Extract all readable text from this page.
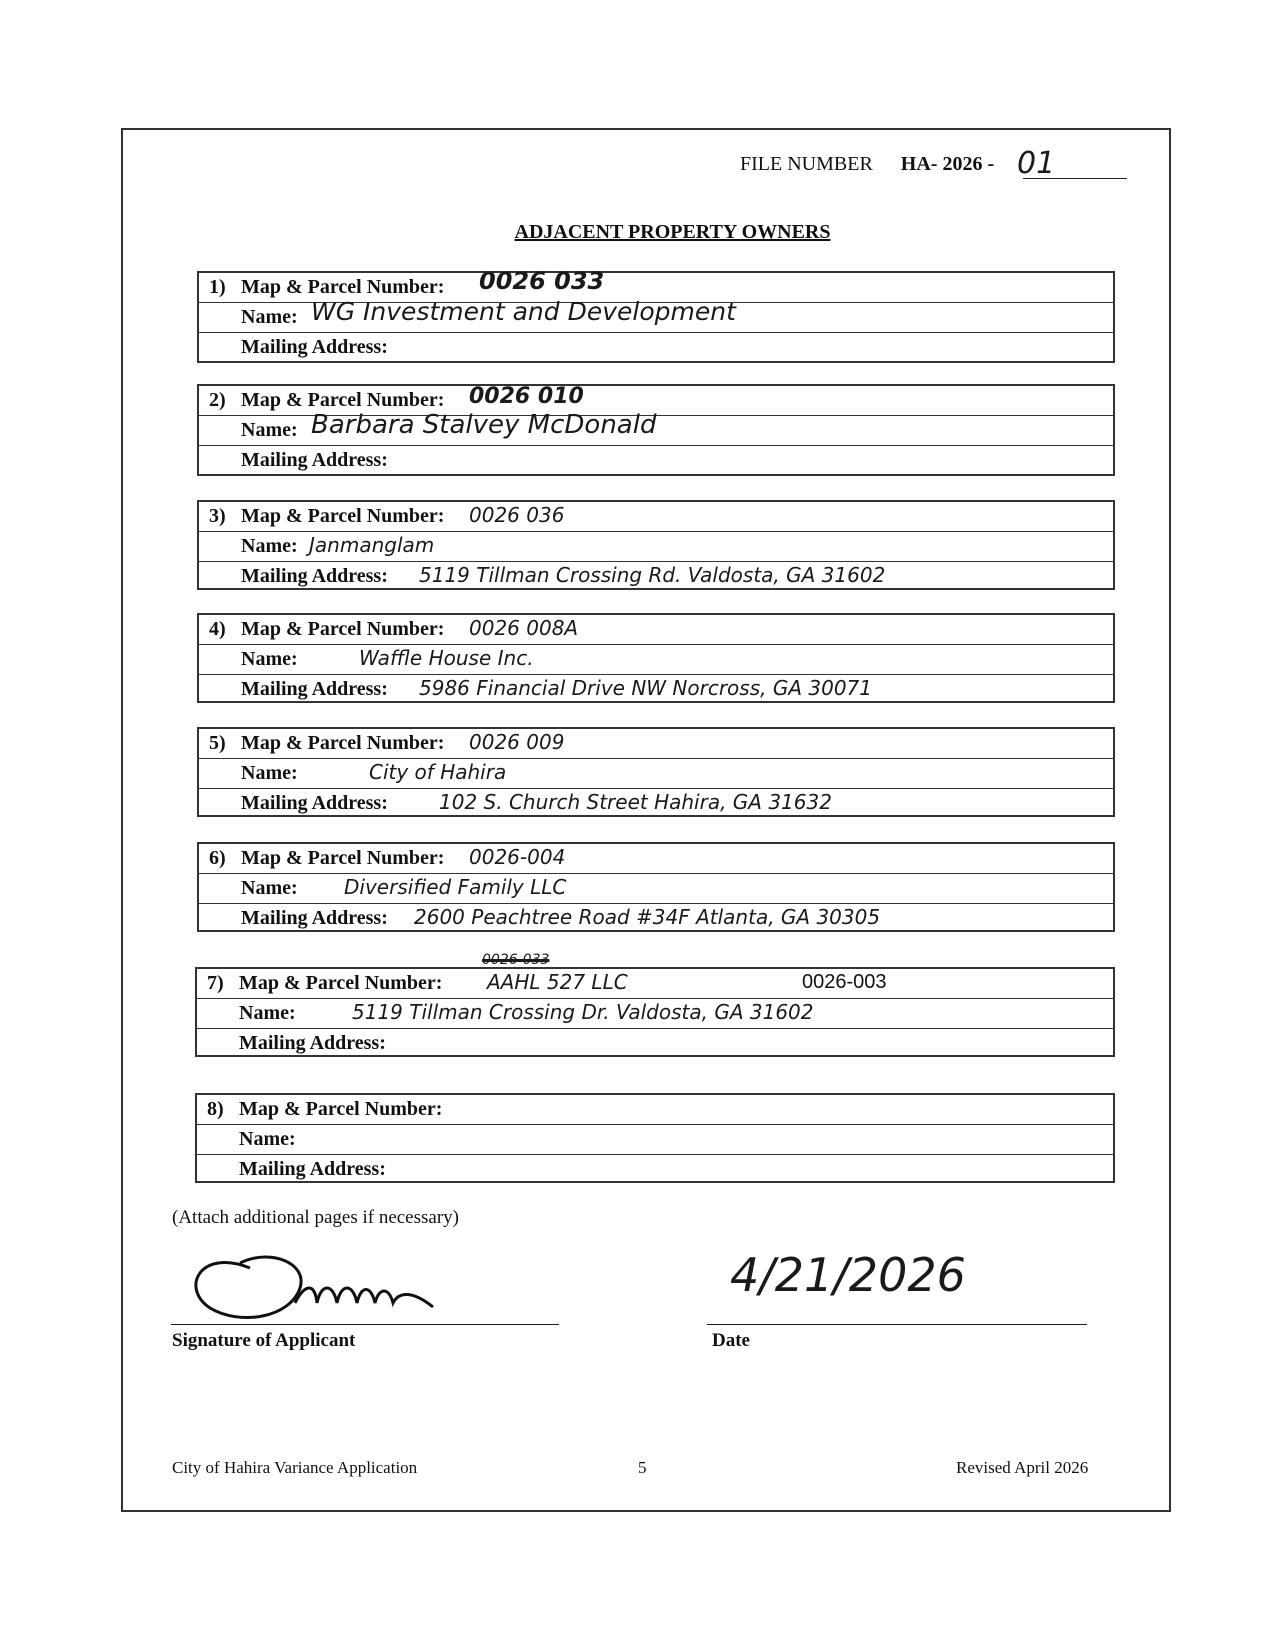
FILE NUMBER HA- 2026 - 01
ADJACENT PROPERTY OWNERS
1) Map & Parcel Number: 0026 033
Name: WG Investment and Development
Mailing Address:
2) Map & Parcel Number: 0026 010
Name: Barbara Stalvey McDonald
Mailing Address:
3) Map & Parcel Number: 0026 036
Name: Janmanglam
Mailing Address: 5119 Tillman Crossing Rd. Valdosta, GA 31602
4) Map & Parcel Number: 0026 008A
Name:	Waffle House Inc.
Mailing Address: 5986 Financial Drive NW Norcross, GA 30071
5) Map & Parcel Number: 0026 009
Name:	City of Hahira
Mailing Address:	102 S. Church Street Hahira, GA 31632
6) Map & Parcel Number: 0026-004
Name: Diversified Family LLC
Mailing Address: 2600 Peachtree Road #34F Atlanta, GA 30305
0026-033
7) Map & Parcel Number: AAHL 527 LLC	0026-003
Name:	5119 Tillman Crossing Dr. Valdosta, GA 31602
Mailing Address:
8) Map & Parcel Number:
Name:
Mailing Address:
(Attach additional pages if necessary)
Signature of Applicant
4/21/2026
Date
City of Hahira Variance Application	5	Revised April 2026
